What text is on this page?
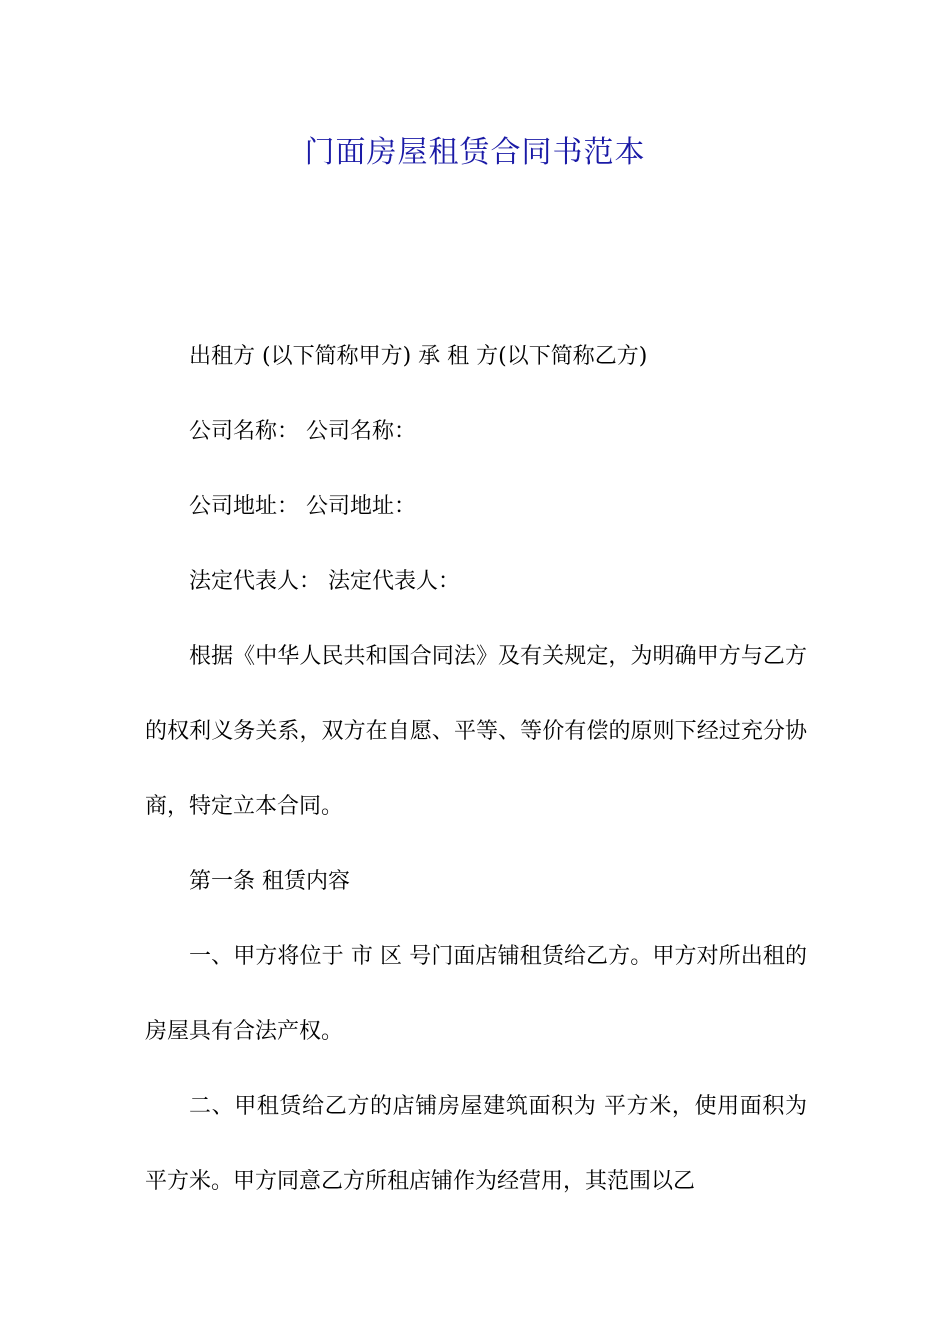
门面房屋租赁合同书范本

出租方 (以下简称甲方) 承 租 方(以下简称乙方)

公司名称： 公司名称：

公司地址： 公司地址：

法定代表人： 法定代表人：

根据《中华人民共和国合同法》及有关规定，为明确甲方与乙方的权利义务关系，双方在自愿、平等、等价有偿的原则下经过充分协商，特定立本合同。

第一条 租赁内容

一、甲方将位于 市 区 号门面店铺租赁给乙方。甲方对所出租的房屋具有合法产权。

二、甲租赁给乙方的店铺房屋建筑面积为 平方米，使用面积为 平方米。甲方同意乙方所租店铺作为经营用，其范围以乙
